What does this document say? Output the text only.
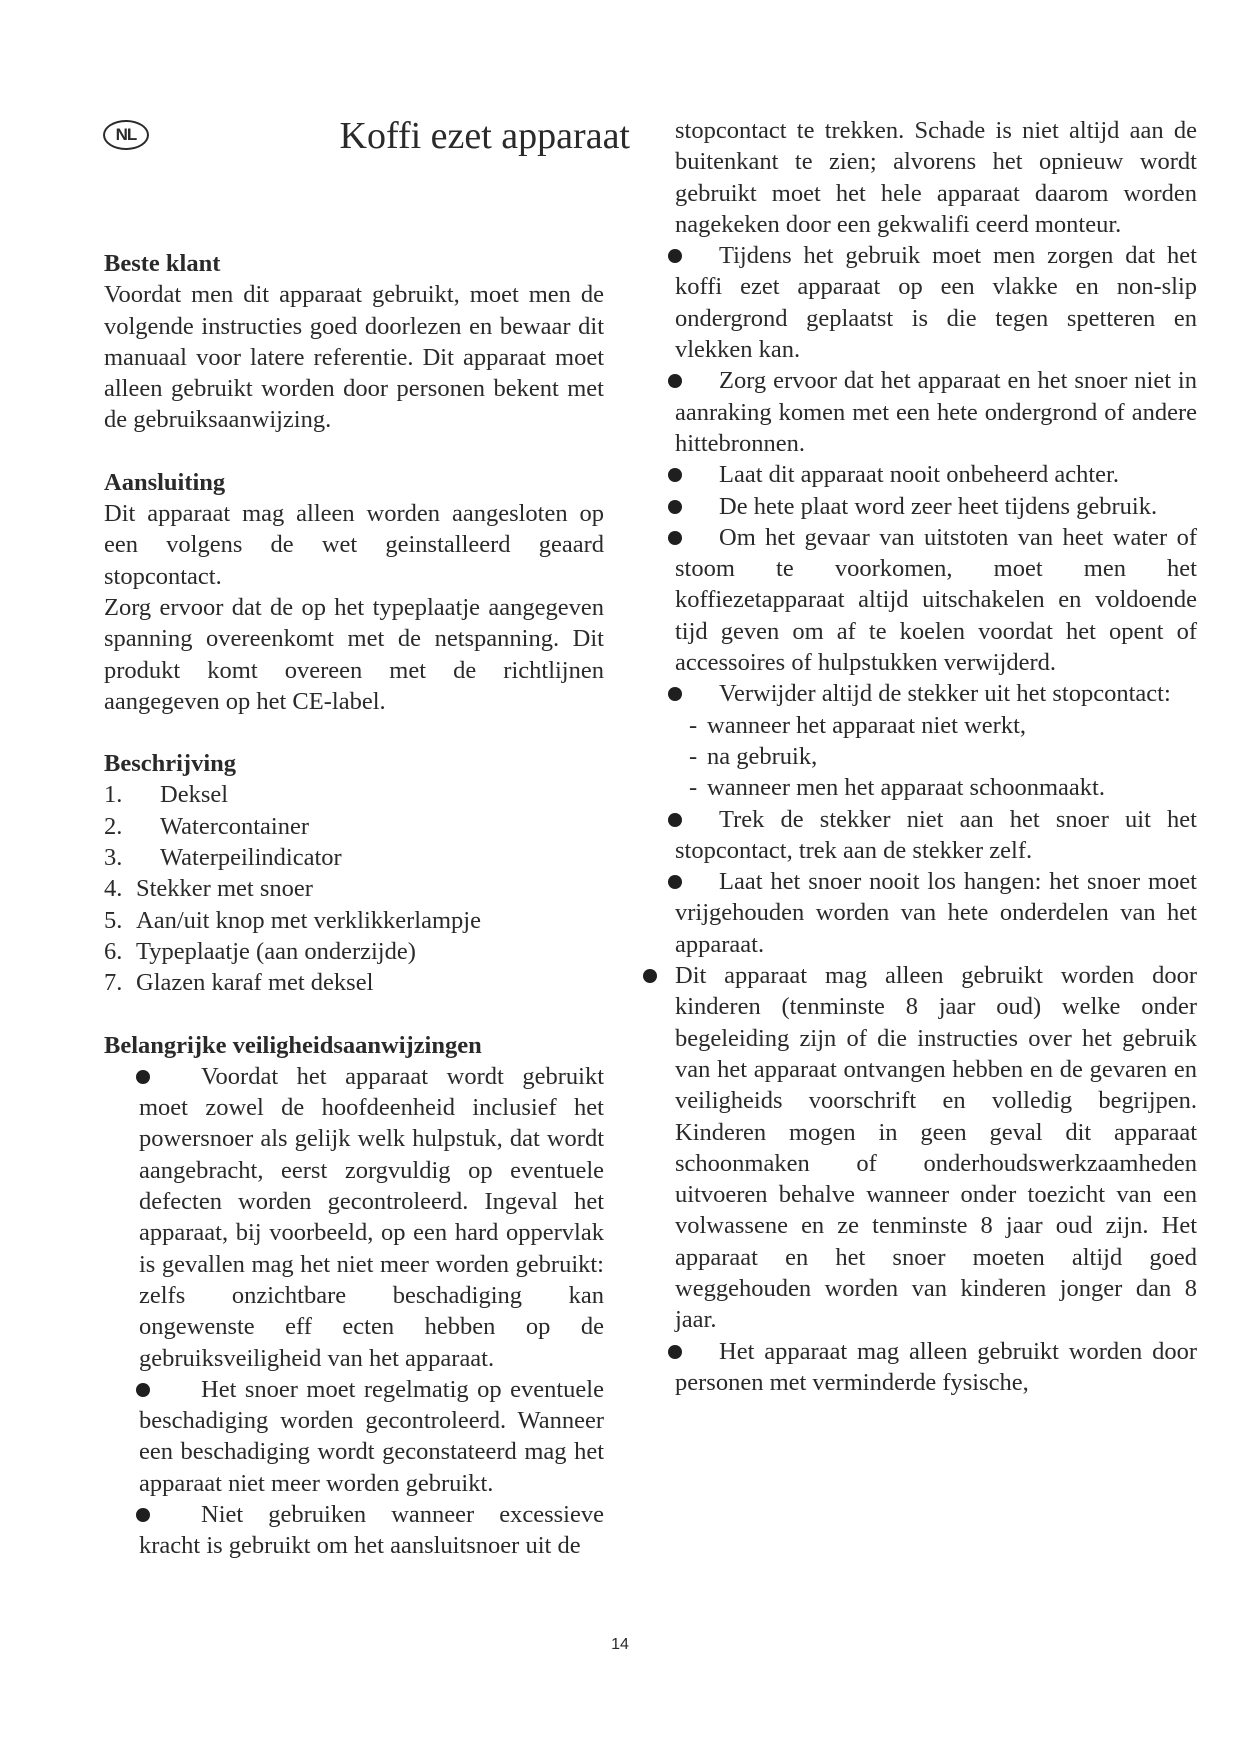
NL	Koffi ezet apparaat

Beste klant

Voordat men dit apparaat gebruikt, moet men de volgende instructies goed doorlezen en bewaar dit manuaal voor latere referentie. Dit apparaat moet alleen gebruikt worden door personen bekent met de gebruiksaanwijzing.

Aansluiting

Dit apparaat mag alleen worden aangesloten op een volgens de wet geinstalleerd geaard stopcontact.

Zorg ervoor dat de op het typeplaatje aangegeven spanning overeenkomt met de netspanning. Dit produkt komt overeen met de richtlijnen aangegeven op het CE-label.

Beschrijving

1. Deksel
2. Watercontainer
3. Waterpeilindicator
4. Stekker met snoer
5. Aan/uit knop met verklikkerlampje
6. Typeplaatje (aan onderzijde)
7. Glazen karaf met deksel

Belangrijke veiligheidsaanwijzingen

Voordat het apparaat wordt gebruikt moet zowel de hoofdeenheid inclusief het powersnoer als gelijk welk hulpstuk, dat wordt aangebracht, eerst zorgvuldig op eventuele defecten worden gecontroleerd. Ingeval het apparaat, bij voorbeeld, op een hard oppervlak is gevallen mag het niet meer worden gebruikt: zelfs onzichtbare beschadiging kan ongewenste eff ecten hebben op de gebruiksveiligheid van het apparaat.
Het snoer moet regelmatig op eventuele beschadiging worden gecontroleerd. Wanneer een beschadiging wordt geconstateerd mag het apparaat niet meer worden gebruikt.
Niet gebruiken wanneer excessieve kracht is gebruikt om het aansluitsnoer uit de

stopcontact te trekken. Schade is niet altijd aan de buitenkant te zien; alvorens het opnieuw wordt gebruikt moet het hele apparaat daarom worden nagekeken door een gekwalifi ceerd monteur.

Tijdens het gebruik moet men zorgen dat het koffi ezet apparaat op een vlakke en non-slip ondergrond geplaatst is die tegen spetteren en vlekken kan.
Zorg ervoor dat het apparaat en het snoer niet in aanraking komen met een hete ondergrond of andere hittebronnen.
Laat dit apparaat nooit onbeheerd achter.
De hete plaat word zeer heet tijdens gebruik.
Om het gevaar van uitstoten van heet water of stoom te voorkomen, moet men het koffiezetapparaat altijd uitschakelen en voldoende tijd geven om af te koelen voordat het opent of accessoires of hulpstukken verwijderd.
Verwijder altijd de stekker uit het stopcontact:
- wanneer het apparaat niet werkt,
- na gebruik,
- wanneer men het apparaat schoonmaakt.
Trek de stekker niet aan het snoer uit het stopcontact, trek aan de stekker zelf.
Laat het snoer nooit los hangen: het snoer moet vrijgehouden worden van hete onderdelen van het apparaat.
Dit apparaat mag alleen gebruikt worden door kinderen (tenminste 8 jaar oud) welke onder begeleiding zijn of die instructies over het gebruik van het apparaat ontvangen hebben en de gevaren en veiligheids voorschrift en volledig begrijpen. Kinderen mogen in geen geval dit apparaat schoonmaken of onderhoudswerkzaamheden uitvoeren behalve wanneer onder toezicht van een volwassene en ze tenminste 8 jaar oud zijn. Het apparaat en het snoer moeten altijd goed weggehouden worden van kinderen jonger dan 8 jaar.
Het apparaat mag alleen gebruikt worden door personen met verminderde fysische,
14
